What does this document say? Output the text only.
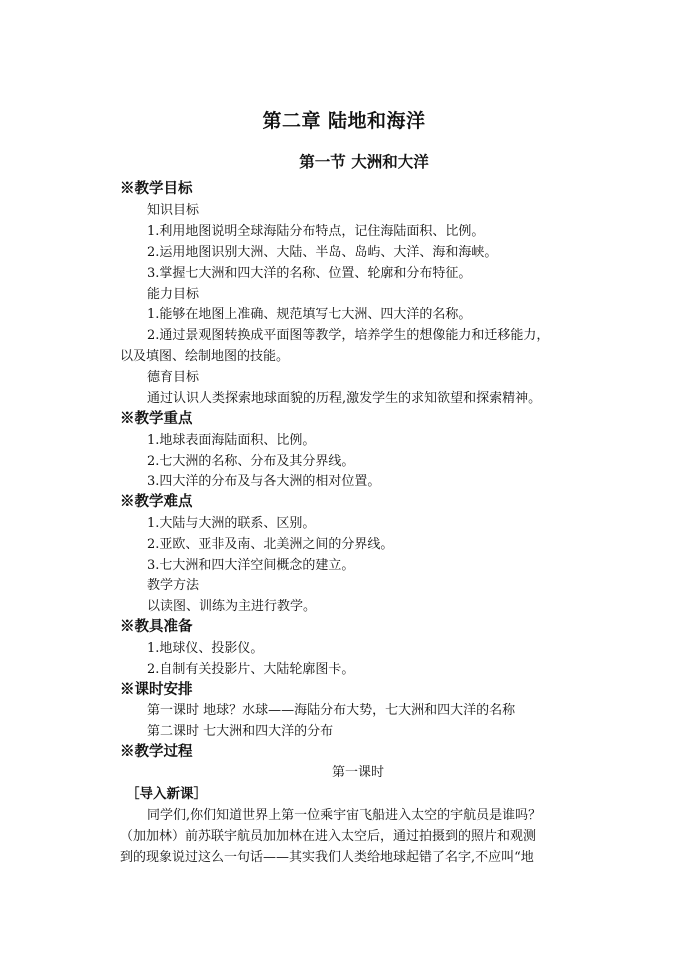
第二章 陆地和海洋
第一节 大洲和大洋
※教学目标
知识目标
1.利用地图说明全球海陆分布特点，记住海陆面积、比例。
2.运用地图识别大洲、大陆、半岛、岛屿、大洋、海和海峡。
3.掌握七大洲和四大洋的名称、位置、轮廓和分布特征。
能力目标
1.能够在地图上准确、规范填写七大洲、四大洋的名称。
2.通过景观图转换成平面图等教学，培养学生的想像能力和迁移能力，
以及填图、绘制地图的技能。
德育目标
通过认识人类探索地球面貌的历程,激发学生的求知欲望和探索精神。
※教学重点
1.地球表面海陆面积、比例。
2.七大洲的名称、分布及其分界线。
3.四大洋的分布及与各大洲的相对位置。
※教学难点
1.大陆与大洲的联系、区别。
2.亚欧、亚非及南、北美洲之间的分界线。
3.七大洲和四大洋空间概念的建立。
教学方法
以读图、训练为主进行教学。
※教具准备
1.地球仪、投影仪。
2.自制有关投影片、大陆轮廓图卡。
※课时安排
第一课时 地球？水球——海陆分布大势，七大洲和四大洋的名称
第二课时 七大洲和四大洋的分布
※教学过程
第一课时
［导入新课］
同学们,你们知道世界上第一位乘宇宙飞船进入太空的宇航员是谁吗？
（加加林）前苏联宇航员加加林在进入太空后，通过拍摄到的照片和观测
到的现象说过这么一句话——其实我们人类给地球起错了名字,不应叫“地
